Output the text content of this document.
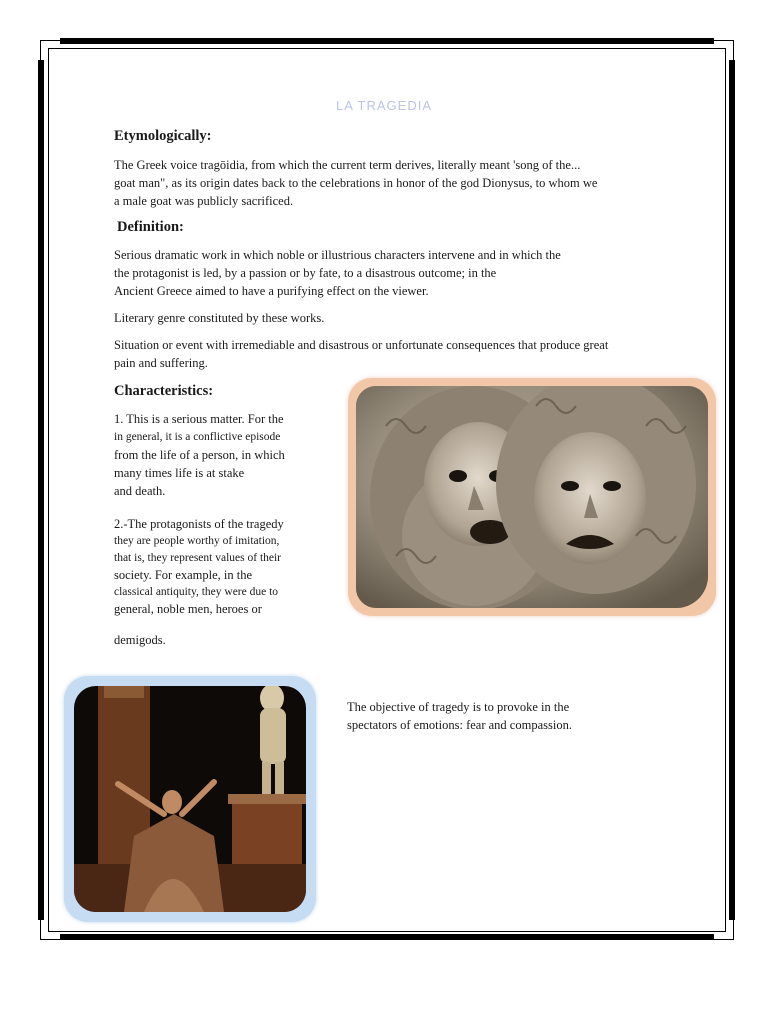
LA TRAGEDIA
Etymologically:
The Greek voice tragōidia, from which the current term derives, literally meant 'song of the...
goat man", as its origin dates back to the celebrations in honor of the god Dionysus, to whom we
a male goat was publicly sacrificed.
Definition:
Serious dramatic work in which noble or illustrious characters intervene and in which the
the protagonist is led, by a passion or by fate, to a disastrous outcome; in the
Ancient Greece aimed to have a purifying effect on the viewer.
Literary genre constituted by these works.
Situation or event with irremediable and disastrous or unfortunate consequences that produce great
pain and suffering.
Characteristics:
1. This is a serious matter. For the
in general, it is a conflictive episode
from the life of a person, in which
many times life is at stake
and death.
2.-The protagonists of the tragedy
they are people worthy of imitation,
that is, they represent values of their
society. For example, in the
classical antiquity, they were due to
general, noble men, heroes or
demigods.
The objective of tragedy is to provoke in the
spectators of emotions: fear and compassion.
